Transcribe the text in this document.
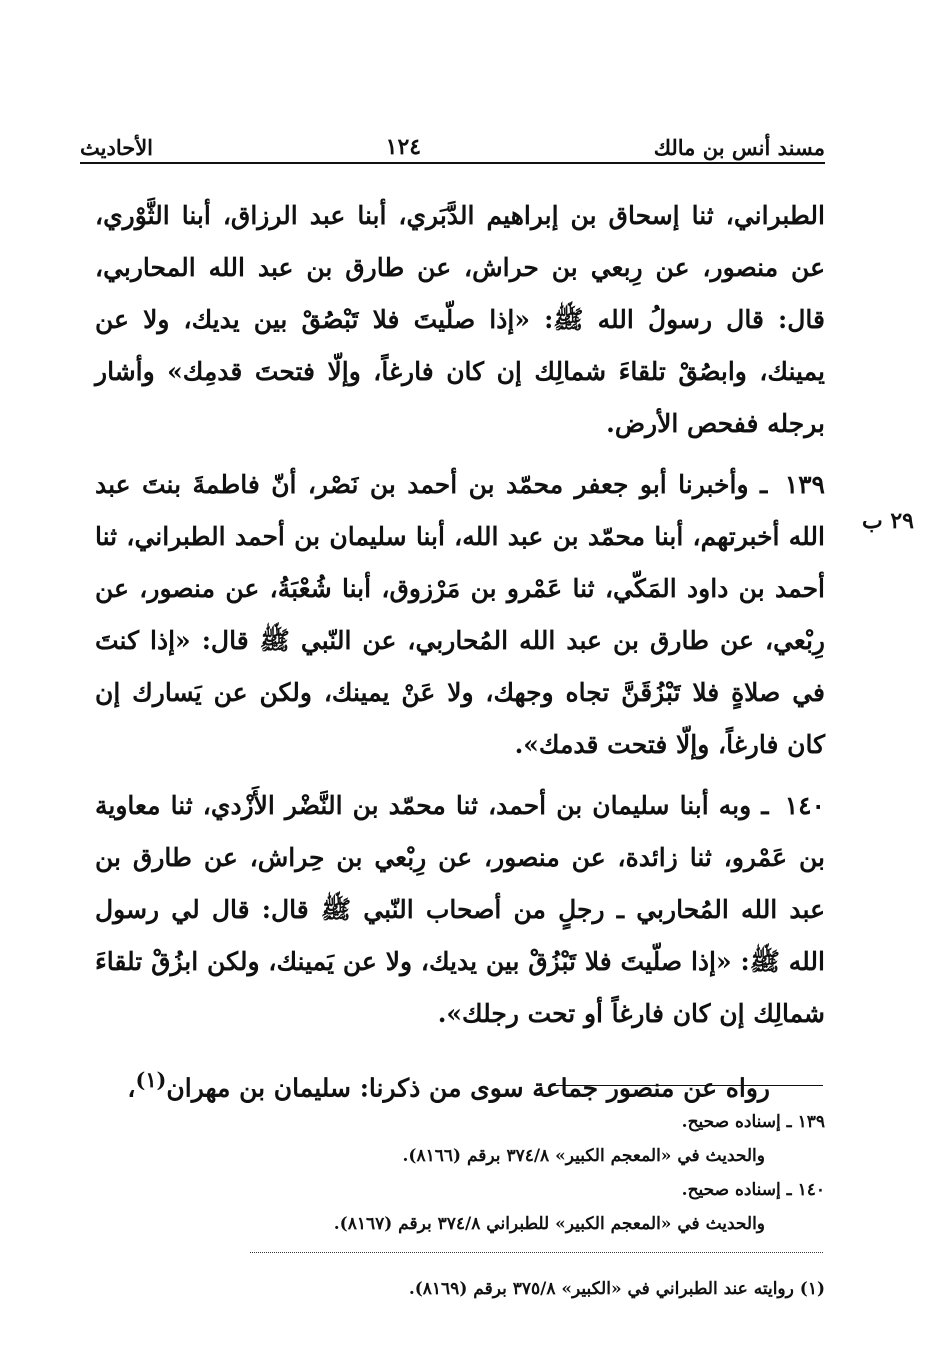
مسند أنس بن مالك
١٢٤
الأحاديث
٢٩ ب

الطبراني، ثنا إسحاق بن إبراهيم الدَّبَري، أبنا عبد الرزاق، أبنا الثَّوْري، عن منصور، عن رِبعي بن حراش، عن طارق بن عبد الله المحاربي، قال: قال رسولُ الله ﷺ: «إذا صلّيتَ فلا تَبْصُقْ بين يديك، ولا عن يمينك، وابصُقْ تلقاءَ شمالِك إن كان فارغاً، وإلّا فتحتَ قدمِك» وأشار برجله ففحص الأرض.

١٣٩ ـ وأخبرنا أبو جعفر محمّد بن أحمد بن نَصْر، أنّ فاطمةَ بنتَ عبد الله أخبرتهم، أبنا محمّد بن عبد الله، أبنا سليمان بن أحمد الطبراني، ثنا أحمد بن داود المَكّي، ثنا عَمْرو بن مَرْزوق، أبنا شُعْبَةُ، عن منصور، عن رِبْعي، عن طارق بن عبد الله المُحاربي، عن النّبي ﷺ قال: «إذا كنتَ في صلاةٍ فلا تَبْزُقَنَّ تجاه وجهك، ولا عَنْ يمينك، ولكن عن يَسارك إن كان فارغاً، وإلّا فتحت قدمك».

١٤٠ ـ وبه أبنا سليمان بن أحمد، ثنا محمّد بن النَّضْر الأَزْدي، ثنا معاوية بن عَمْرو، ثنا زائدة، عن منصور، عن رِبْعي بن حِراش، عن طارق بن عبد الله المُحاربي ـ رجلٍ من أصحاب النّبي ﷺ قال: قال لي رسول الله ﷺ: «إذا صلّيتَ فلا تَبْزُقْ بين يديك، ولا عن يَمينك، ولكن ابزُقْ تلقاءَ شمالِك إن كان فارغاً أو تحت رجلك».

رواه عن منصور جماعة سوى من ذكرنا: سليمان بن مهران$^{(١)}$،

١٣٩ ـ إسناده صحيح.
والحديث في «المعجم الكبير» ٣٧٤/٨ برقم (٨١٦٦).
١٤٠ ـ إسناده صحيح.
والحديث في «المعجم الكبير» للطبراني ٣٧٤/٨ برقم (٨١٦٧).
(١) روايته عند الطبراني في «الكبير» ٣٧٥/٨ برقم (٨١٦٩).
